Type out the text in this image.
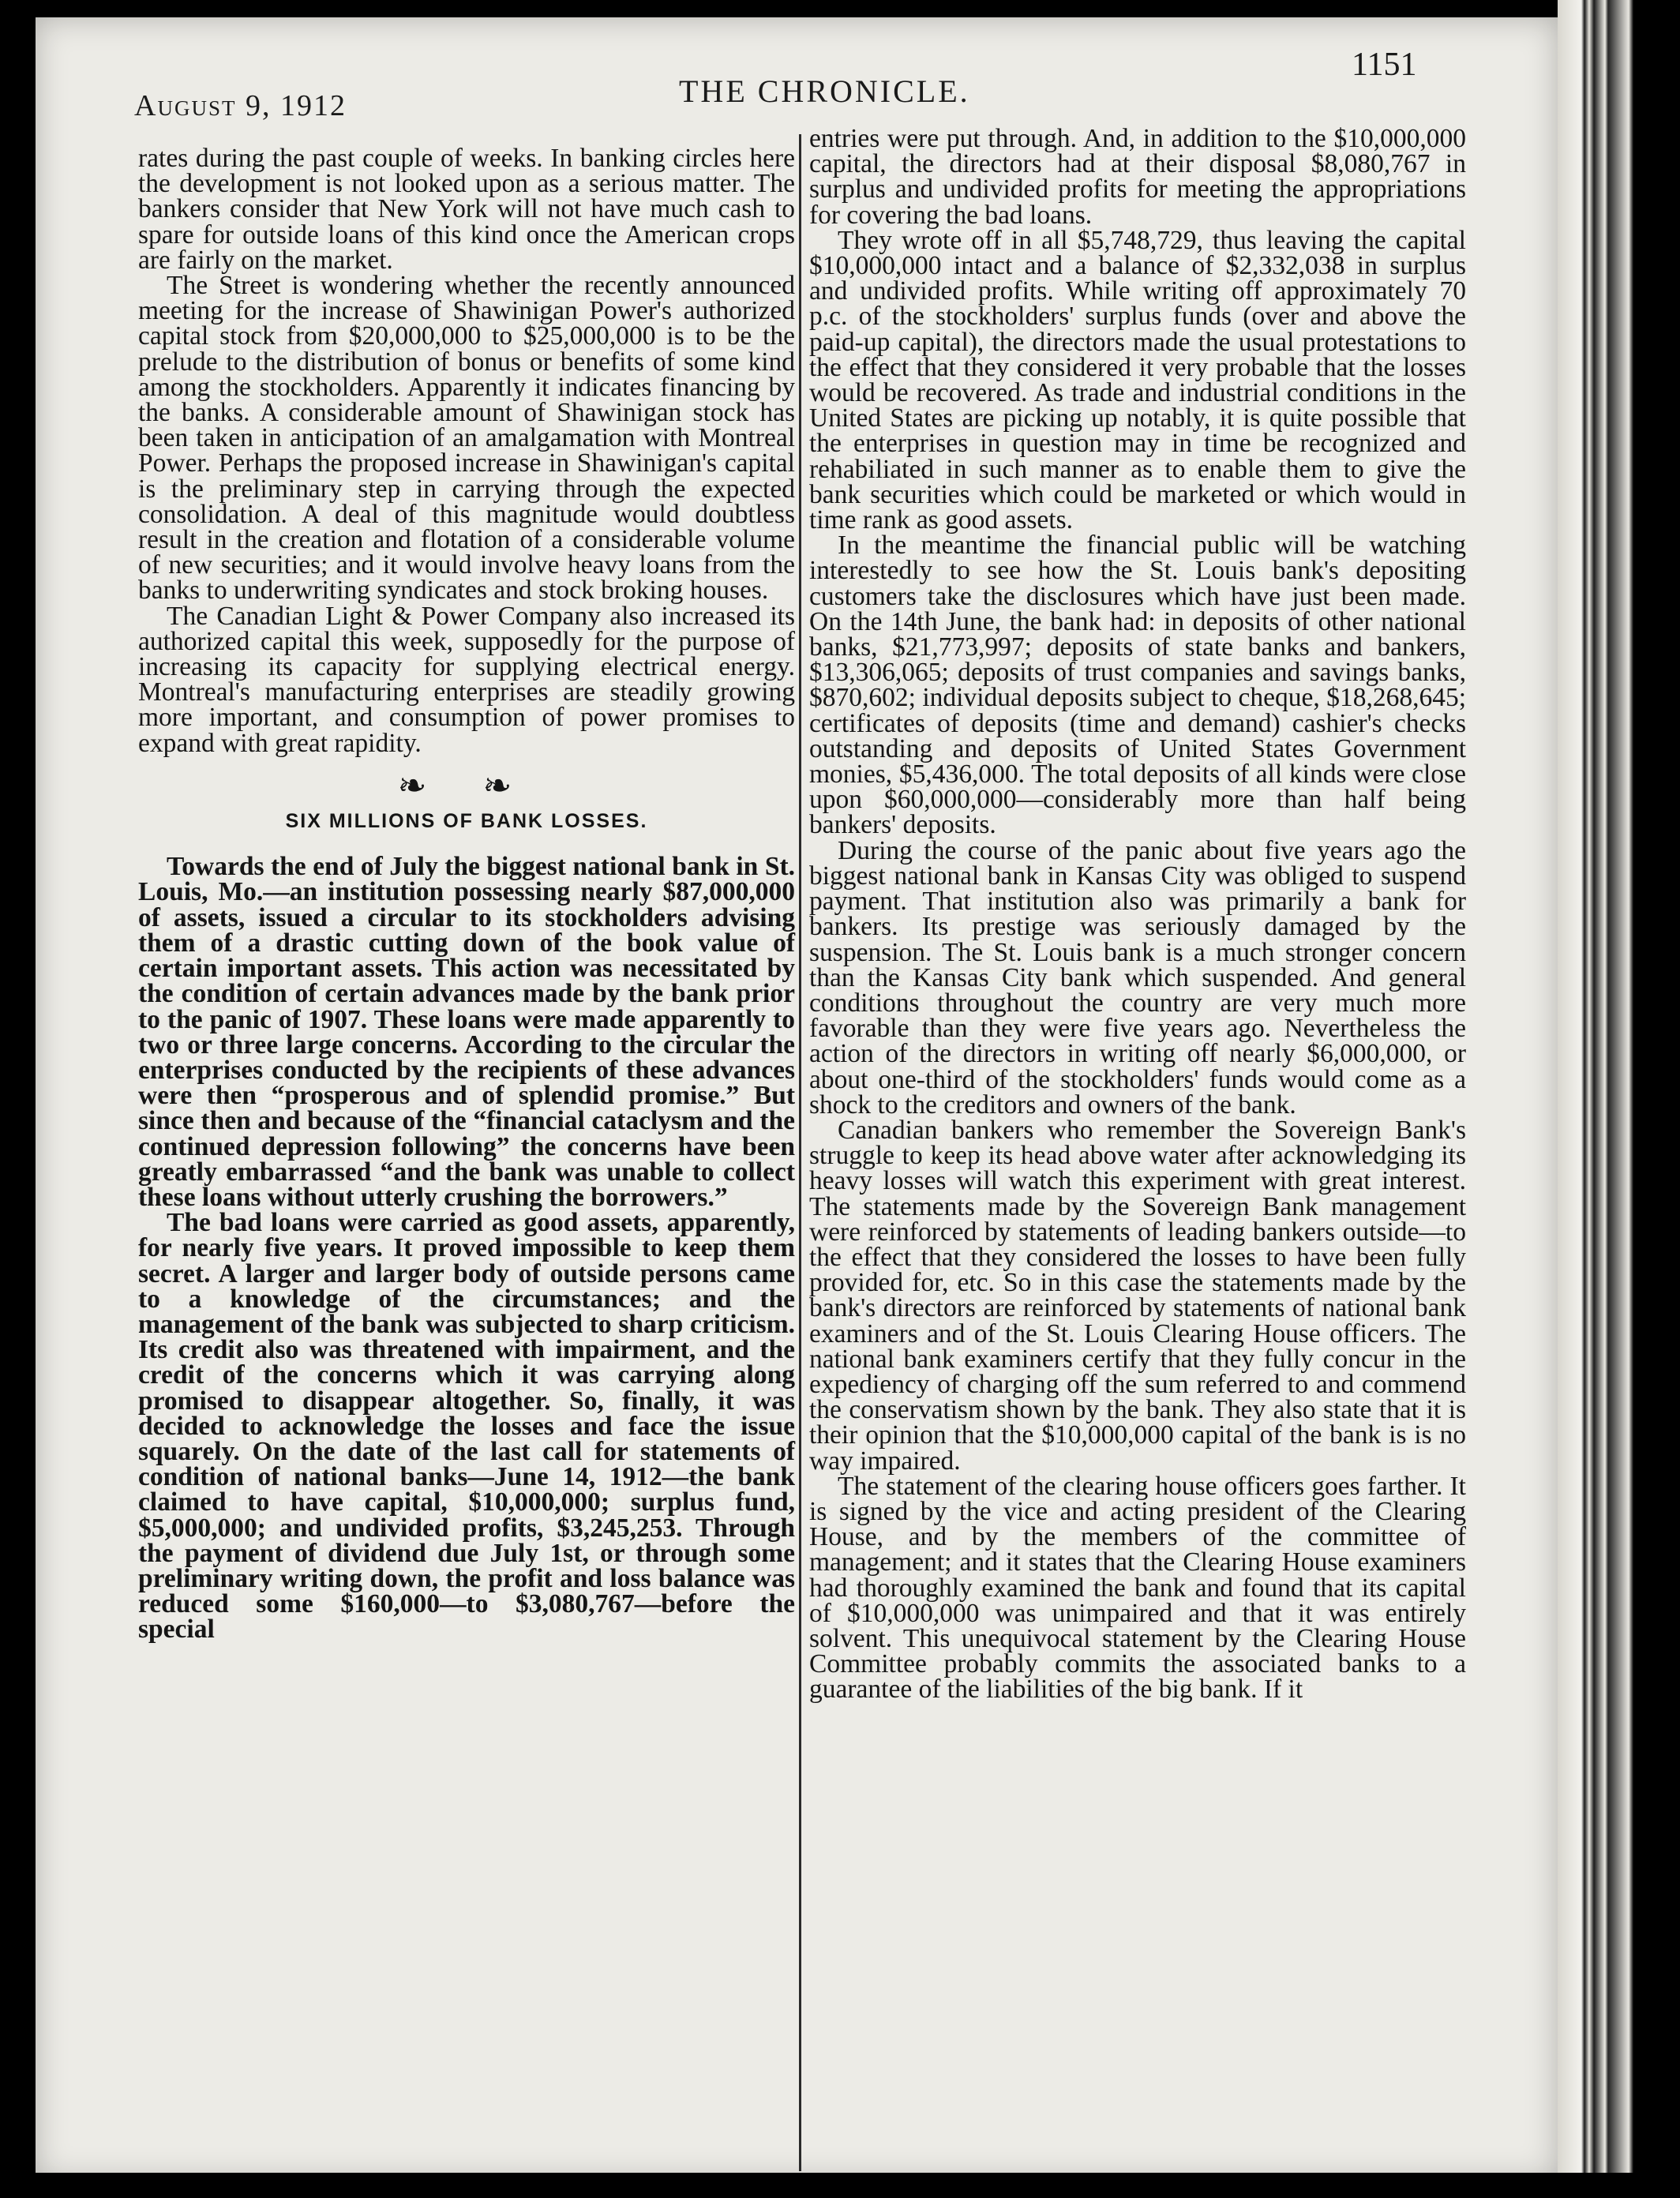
August 9, 1912	THE CHRONICLE.
1151

rates during the past couple of weeks. In banking circles here the development is not looked upon as a serious matter. The bankers consider that New York will not have much cash to spare for outside loans of this kind once the American crops are fairly on the market.

The Street is wondering whether the recently announced meeting for the increase of Shawinigan Power's authorized capital stock from $20,000,000 to $25,000,000 is to be the prelude to the distribution of bonus or benefits of some kind among the stockholders. Apparently it indicates financing by the banks. A considerable amount of Shawinigan stock has been taken in anticipation of an amalgamation with Montreal Power. Perhaps the proposed increase in Shawinigan's capital is the preliminary step in carrying through the expected consolidation. A deal of this magnitude would doubtless result in the creation and flotation of a considerable volume of new securities; and it would involve heavy loans from the banks to underwriting syndicates and stock broking houses.

The Canadian Light & Power Company also increased its authorized capital this week, supposedly for the purpose of increasing its capacity for supplying electrical energy. Montreal's manufacturing enterprises are steadily growing more important, and consumption of power promises to expand with great rapidity.

❧ ❧
SIX MILLIONS OF BANK LOSSES.

Towards the end of July the biggest national bank in St. Louis, Mo.—an institution possessing nearly $87,000,000 of assets, issued a circular to its stockholders advising them of a drastic cutting down of the book value of certain important assets. This action was necessitated by the condition of certain advances made by the bank prior to the panic of 1907. These loans were made apparently to two or three large concerns. According to the circular the enterprises conducted by the recipients of these advances were then “prosperous and of splendid promise.” But since then and because of the “financial cataclysm and the continued depression following” the concerns have been greatly embarrassed “and the bank was unable to collect these loans without utterly crushing the borrowers.”

The bad loans were carried as good assets, apparently, for nearly five years. It proved impossible to keep them secret. A larger and larger body of outside persons came to a knowledge of the circumstances; and the management of the bank was subjected to sharp criticism. Its credit also was threatened with impairment, and the credit of the concerns which it was carrying along promised to disappear altogether. So, finally, it was decided to acknowledge the losses and face the issue squarely. On the date of the last call for statements of condition of national banks—June 14, 1912—the bank claimed to have capital, $10,000,000; surplus fund, $5,000,000; and undivided profits, $3,245,253. Through the payment of dividend due July 1st, or through some preliminary writing down, the profit and loss balance was reduced some $160,000—to $3,080,767—before the special

entries were put through. And, in addition to the $10,000,000 capital, the directors had at their disposal $8,080,767 in surplus and undivided profits for meeting the appropriations for covering the bad loans.

They wrote off in all $5,748,729, thus leaving the capital $10,000,000 intact and a balance of $2,332,038 in surplus and undivided profits. While writing off approximately 70 p.c. of the stockholders' surplus funds (over and above the paid-up capital), the directors made the usual protestations to the effect that they considered it very probable that the losses would be recovered. As trade and industrial conditions in the United States are picking up notably, it is quite possible that the enterprises in question may in time be recognized and rehabiliated in such manner as to enable them to give the bank securities which could be marketed or which would in time rank as good assets.

In the meantime the financial public will be watching interestedly to see how the St. Louis bank's depositing customers take the disclosures which have just been made. On the 14th June, the bank had: in deposits of other national banks, $21,773,997; deposits of state banks and bankers, $13,306,065; deposits of trust companies and savings banks, $870,602; individual deposits subject to cheque, $18,268,645; certificates of deposits (time and demand) cashier's checks outstanding and deposits of United States Government monies, $5,436,000. The total deposits of all kinds were close upon $60,000,000—considerably more than half being bankers' deposits.

During the course of the panic about five years ago the biggest national bank in Kansas City was obliged to suspend payment. That institution also was primarily a bank for bankers. Its prestige was seriously damaged by the suspension. The St. Louis bank is a much stronger concern than the Kansas City bank which suspended. And general conditions throughout the country are very much more favorable than they were five years ago. Nevertheless the action of the directors in writing off nearly $6,000,000, or about one-third of the stockholders' funds would come as a shock to the creditors and owners of the bank.

Canadian bankers who remember the Sovereign Bank's struggle to keep its head above water after acknowledging its heavy losses will watch this experiment with great interest. The statements made by the Sovereign Bank management were reinforced by statements of leading bankers outside—to the effect that they considered the losses to have been fully provided for, etc. So in this case the statements made by the bank's directors are reinforced by statements of national bank examiners and of the St. Louis Clearing House officers. The national bank examiners certify that they fully concur in the expediency of charging off the sum referred to and commend the conservatism shown by the bank. They also state that it is their opinion that the $10,000,000 capital of the bank is is no way impaired.

The statement of the clearing house officers goes farther. It is signed by the vice and acting president of the Clearing House, and by the members of the committee of management; and it states that the Clearing House examiners had thoroughly examined the bank and found that its capital of $10,000,000 was unimpaired and that it was entirely solvent. This unequivocal statement by the Clearing House Committee probably commits the associated banks to a guarantee of the liabilities of the big bank. If it
